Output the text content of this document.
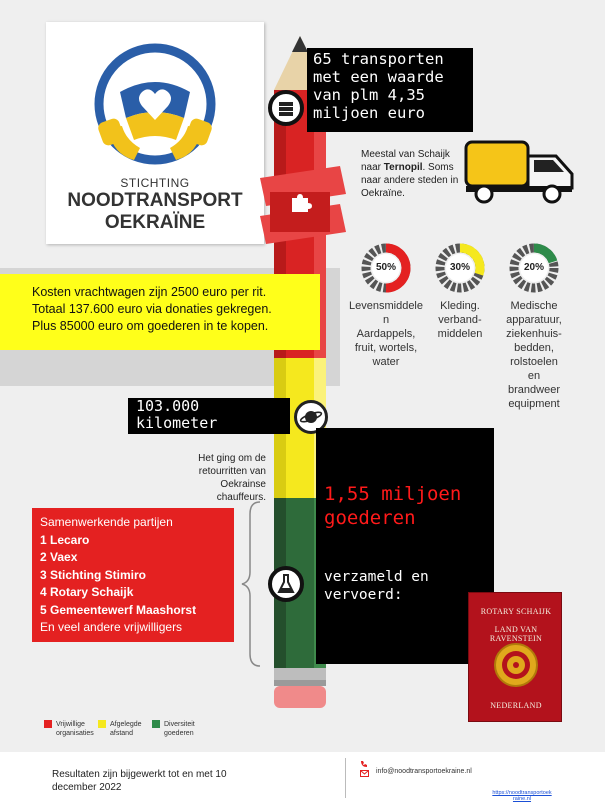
STICHTING
NOODTRANSPORT
OEKRAÏNE
65 transporten
met een waarde
van plm 4,35
miljoen euro
Meestal van Schaijk naar Ternopil. Soms naar andere steden in Oekraïne.
50%	30%	20%
Levensmiddele
n
Aardappels,
fruit, wortels,
water
Kleding.
verband-
middelen
Medische
apparatuur,
ziekenhuis-
bedden,
rolstoelen
en
brandweer
equipment
Kosten vrachtwagen zijn 2500 euro per rit.
Totaal 137.600 euro via donaties gekregen.
Plus 85000 euro om goederen in te kopen.
103.000
kilometer
Het ging om de
retourritten van Oekrainse
chauffeurs.	1,55 miljoen
goederen
verzameld en
vervoerd:
Samenwerkende partijen
1 Lecaro
2 Vaex
3 Stichting Stimiro
4 Rotary Schaijk
5 Gemeentewerf Maashorst
En veel andere vrijwilligers
ROTARY SCHAIJK
LAND VAN RAVENSTEIN
NEDERLAND
Vrijwillige
organisaties
Afgelegde
afstand
Diversiteit
goederen
Resultaten zijn bijgewerkt tot en met 10
december 2022
info@noodtransportoekraine.nl
https://noodtransportoek
raine.nl
